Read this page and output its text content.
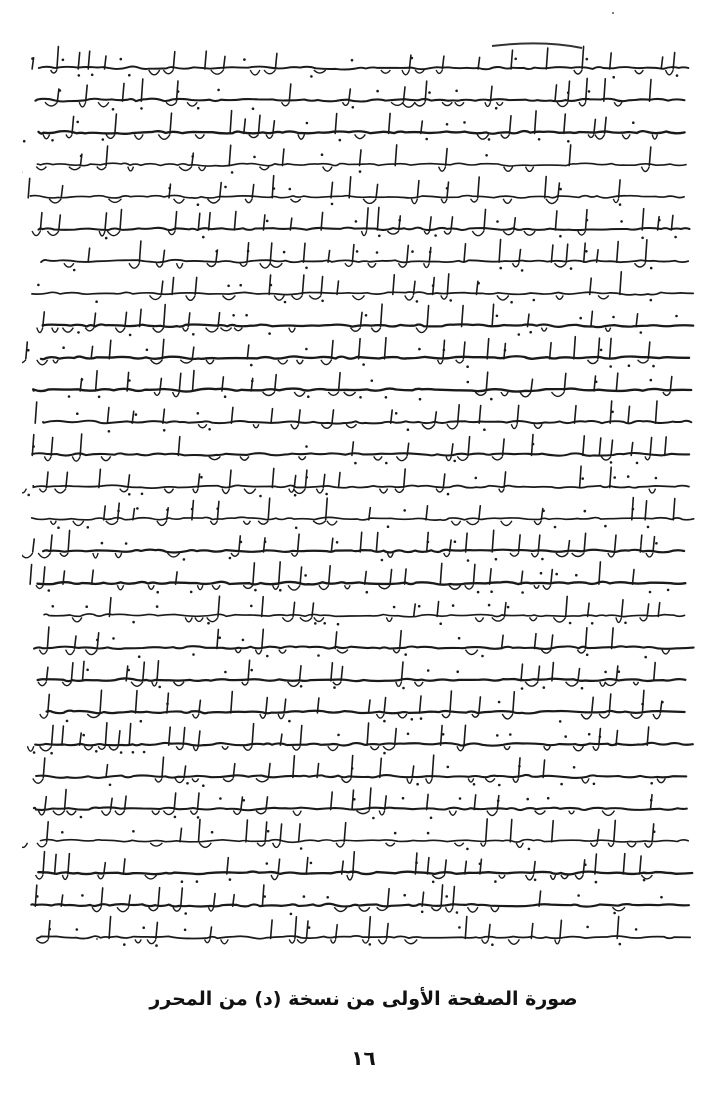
صورة الصفحة الأولى من نسخة (د) من المحرر
١٦
